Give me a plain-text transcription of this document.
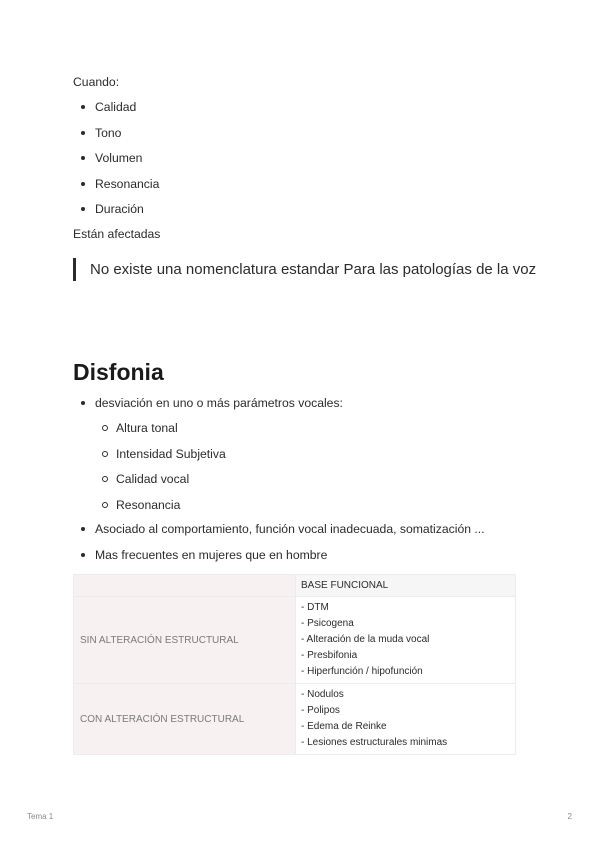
Cuando:
Calidad
Tono
Volumen
Resonancia
Duración
Están afectadas
No existe una nomenclatura estandar Para las patologías de la voz
Disfonia
desviación en uno o más parámetros vocales:
Altura tonal
Intensidad Subjetiva
Calidad vocal
Resonancia
Asociado al comportamiento, función vocal inadecuada, somatización ...
Mas frecuentes en mujeres que en hombre
	BASE FUNCIONAL
SIN ALTERACIÓN ESTRUCTURAL	- DTM
- Psicogena
- Alteración de la muda vocal
- Presbifonia
- Hiperfunción / hipofunción

CON ALTERACIÓN ESTRUCTURAL	- Nodulos
- Polipos
- Edema de Reinke
- Lesiones estructurales minimas
Tema 1	2
